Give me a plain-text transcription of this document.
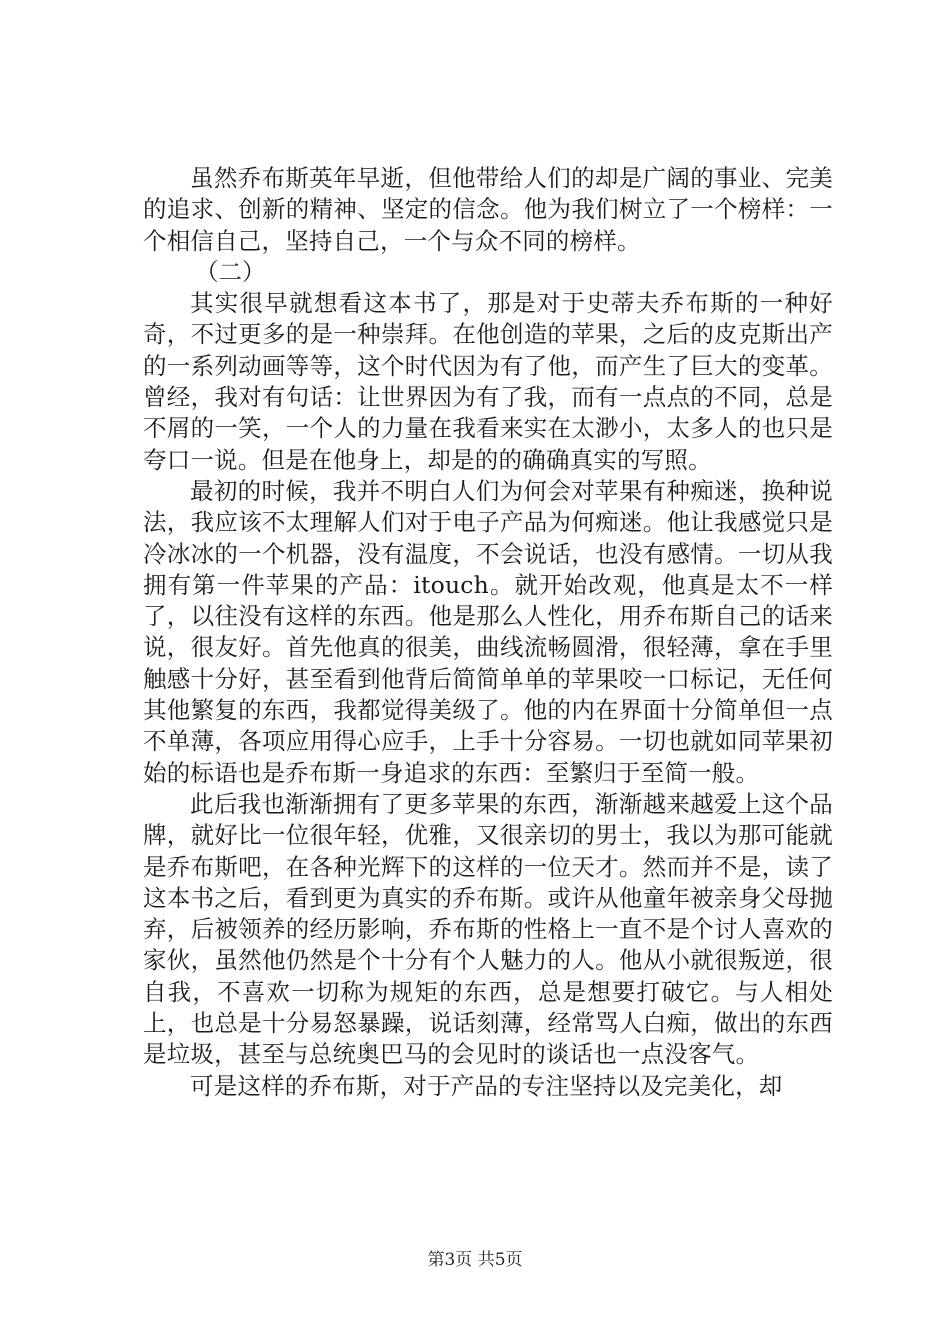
虽然乔布斯英年早逝，但他带给人们的却是广阔的事业、完美的追求、创新的精神、坚定的信念。他为我们树立了一个榜样：一个相信自己，坚持自己，一个与众不同的榜样。

（二）

其实很早就想看这本书了，那是对于史蒂夫乔布斯的一种好奇，不过更多的是一种崇拜。在他创造的苹果，之后的皮克斯出产的一系列动画等等，这个时代因为有了他，而产生了巨大的变革。曾经，我对有句话：让世界因为有了我，而有一点点的不同，总是不屑的一笑，一个人的力量在我看来实在太渺小，太多人的也只是夸口一说。但是在他身上，却是的的确确真实的写照。

最初的时候，我并不明白人们为何会对苹果有种痴迷，换种说法，我应该不太理解人们对于电子产品为何痴迷。他让我感觉只是冷冰冰的一个机器，没有温度，不会说话，也没有感情。一切从我拥有第一件苹果的产品：itouch。就开始改观，他真是太不一样了，以往没有这样的东西。他是那么人性化，用乔布斯自己的话来说，很友好。首先他真的很美，曲线流畅圆滑，很轻薄，拿在手里触感十分好，甚至看到他背后简简单单的苹果咬一口标记，无任何其他繁复的东西，我都觉得美级了。他的内在界面十分简单但一点不单薄，各项应用得心应手，上手十分容易。一切也就如同苹果初始的标语也是乔布斯一身追求的东西：至繁归于至简一般。

此后我也渐渐拥有了更多苹果的东西，渐渐越来越爱上这个品牌，就好比一位很年轻，优雅，又很亲切的男士，我以为那可能就是乔布斯吧，在各种光辉下的这样的一位天才。然而并不是，读了这本书之后，看到更为真实的乔布斯。或许从他童年被亲身父母抛弃，后被领养的经历影响，乔布斯的性格上一直不是个讨人喜欢的家伙，虽然他仍然是个十分有个人魅力的人。他从小就很叛逆，很自我，不喜欢一切称为规矩的东西，总是想要打破它。与人相处上，也总是十分易怒暴躁，说话刻薄，经常骂人白痴，做出的东西是垃圾，甚至与总统奥巴马的会见时的谈话也一点没客气。

可是这样的乔布斯，对于产品的专注坚持以及完美化，却

第3页 共5页
